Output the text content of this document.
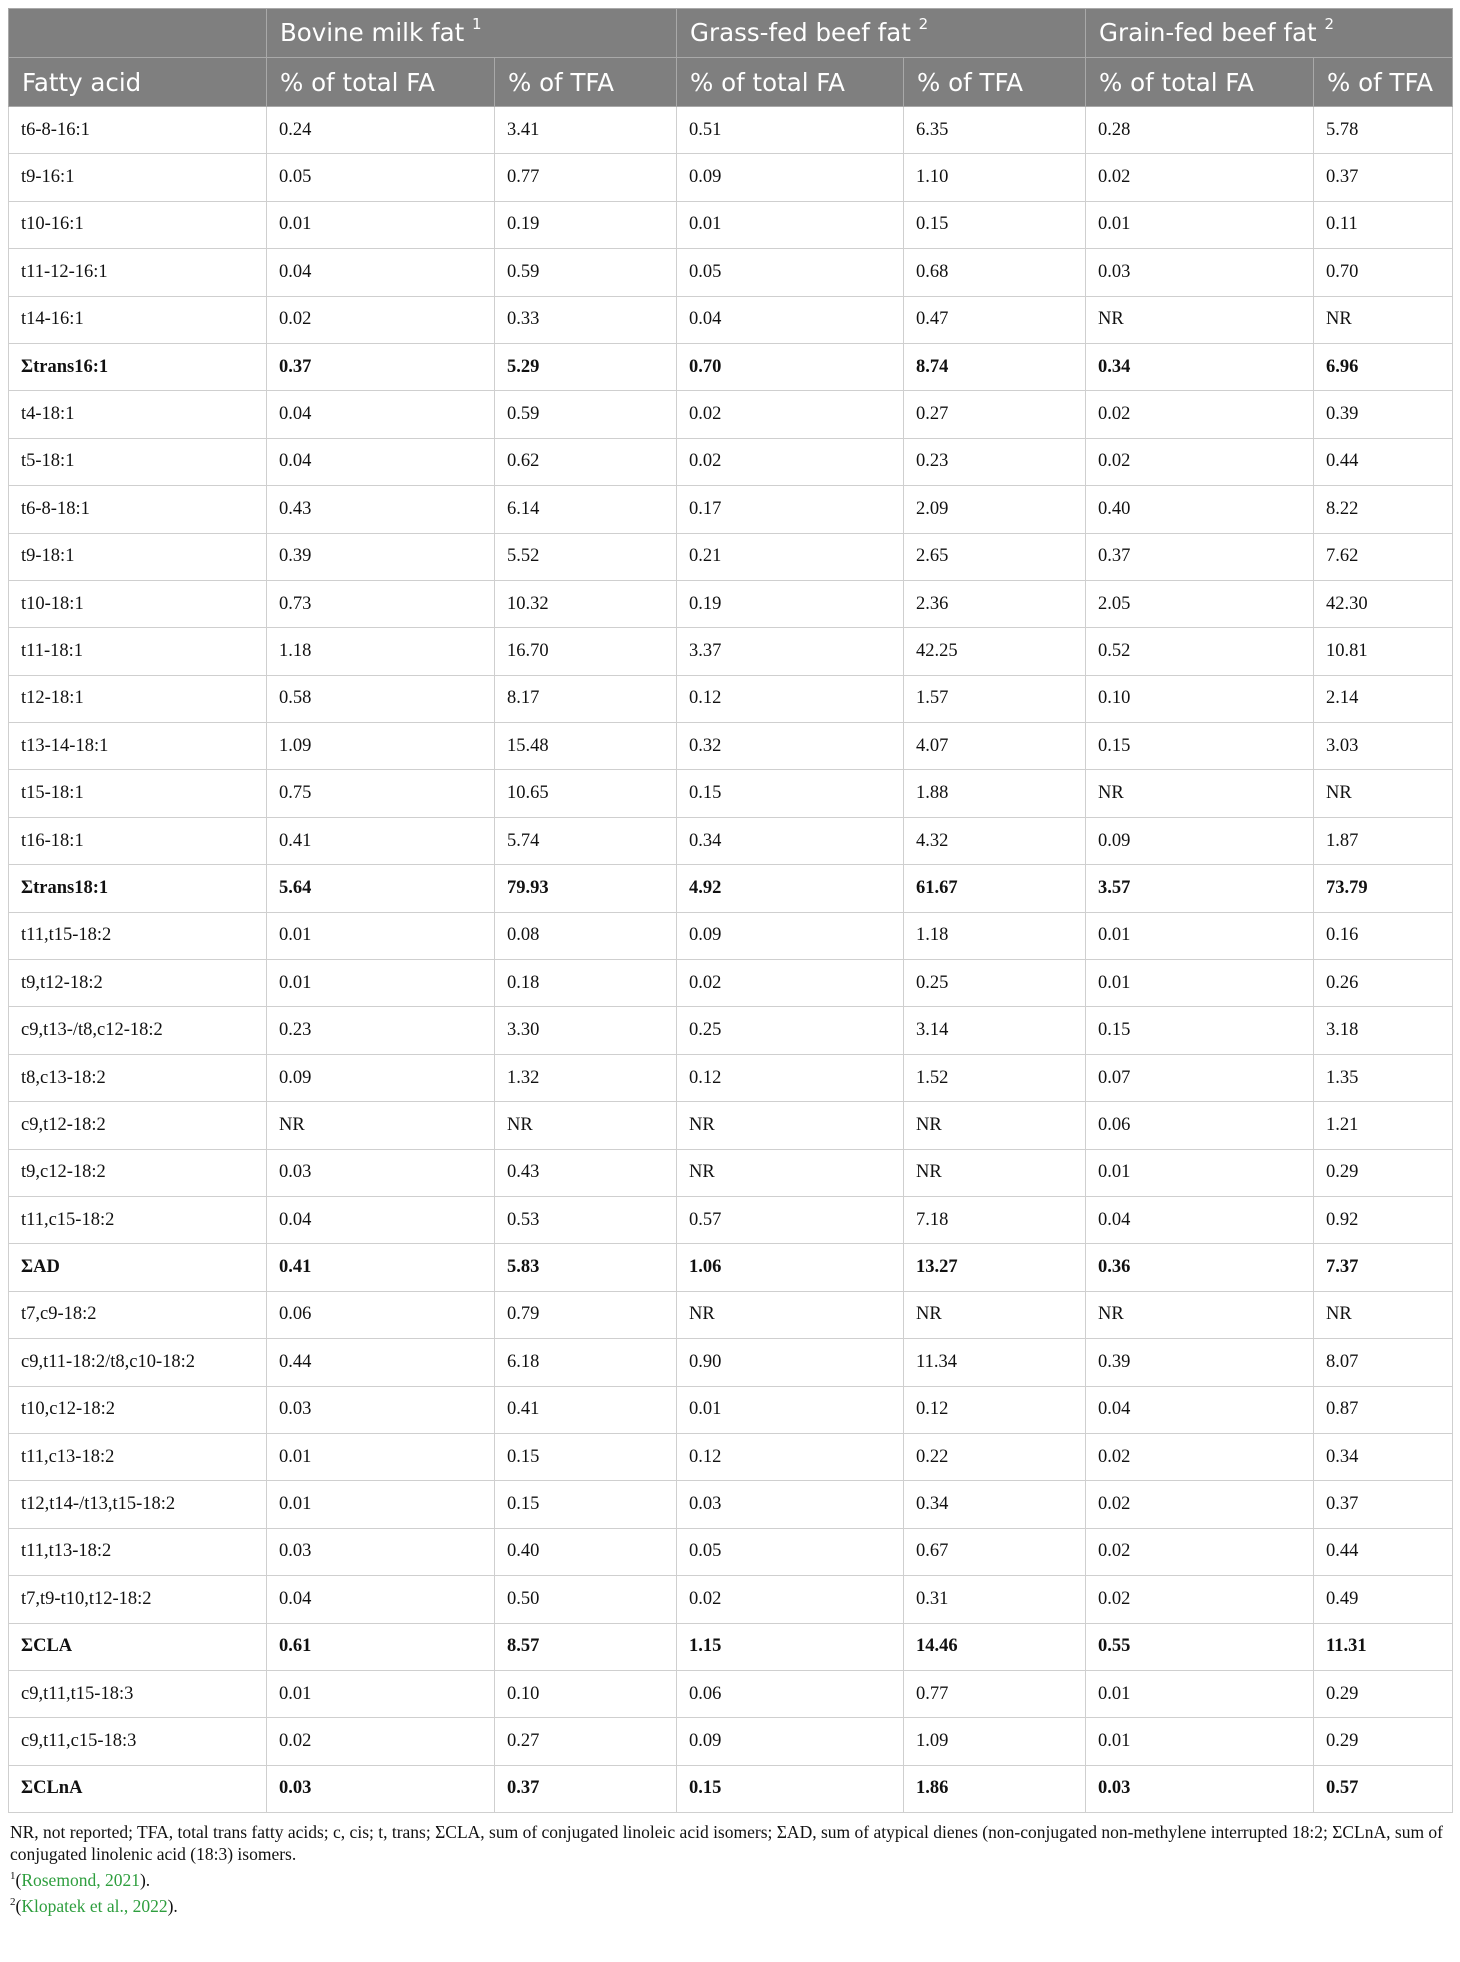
	Bovine milk fat $^1$		Grass-fed beef fat $^2$		Grain-fed beef fat $^2$
Fatty acid	% of total FA	% of TFA	% of total FA	% of TFA	% of total FA	% of TFA
t6-8-16:1	0.24	3.41	0.51	6.35	0.28	5.78
t9-16:1	0.05	0.77	0.09	1.10	0.02	0.37
t10-16:1	0.01	0.19	0.01	0.15	0.01	0.11
t11-12-16:1	0.04	0.59	0.05	0.68	0.03	0.70
t14-16:1	0.02	0.33	0.04	0.47	NR	NR
Σtrans16:1	0.37	5.29	0.70	8.74	0.34	6.96
t4-18:1	0.04	0.59	0.02	0.27	0.02	0.39
t5-18:1	0.04	0.62	0.02	0.23	0.02	0.44
t6-8-18:1	0.43	6.14	0.17	2.09	0.40	8.22
t9-18:1	0.39	5.52	0.21	2.65	0.37	7.62
t10-18:1	0.73	10.32	0.19	2.36	2.05	42.30
t11-18:1	1.18	16.70	3.37	42.25	0.52	10.81
t12-18:1	0.58	8.17	0.12	1.57	0.10	2.14
t13-14-18:1	1.09	15.48	0.32	4.07	0.15	3.03
t15-18:1	0.75	10.65	0.15	1.88	NR	NR
t16-18:1	0.41	5.74	0.34	4.32	0.09	1.87
Σtrans18:1	5.64	79.93	4.92	61.67	3.57	73.79
t11,t15-18:2	0.01	0.08	0.09	1.18	0.01	0.16
t9,t12-18:2	0.01	0.18	0.02	0.25	0.01	0.26
c9,t13-/t8,c12-18:2	0.23	3.30	0.25	3.14	0.15	3.18
t8,c13-18:2	0.09	1.32	0.12	1.52	0.07	1.35
c9,t12-18:2	NR	NR	NR	NR	0.06	1.21
t9,c12-18:2	0.03	0.43	NR	NR	0.01	0.29
t11,c15-18:2	0.04	0.53	0.57	7.18	0.04	0.92
ΣAD	0.41	5.83	1.06	13.27	0.36	7.37
t7,c9-18:2	0.06	0.79	NR	NR	NR	NR
c9,t11-18:2/t8,c10-18:2	0.44	6.18	0.90	11.34	0.39	8.07
t10,c12-18:2	0.03	0.41	0.01	0.12	0.04	0.87
t11,c13-18:2	0.01	0.15	0.12	0.22	0.02	0.34
t12,t14-/t13,t15-18:2	0.01	0.15	0.03	0.34	0.02	0.37
t11,t13-18:2	0.03	0.40	0.05	0.67	0.02	0.44
t7,t9-t10,t12-18:2	0.04	0.50	0.02	0.31	0.02	0.49
ΣCLA	0.61	8.57	1.15	14.46	0.55	11.31
c9,t11,t15-18:3	0.01	0.10	0.06	0.77	0.01	0.29
c9,t11,c15-18:3	0.02	0.27	0.09	1.09	0.01	0.29
ΣCLnA	0.03	0.37	0.15	1.86	0.03	0.57
NR, not reported; TFA, total trans fatty acids; c, cis; t, trans; ΣCLA, sum of conjugated linoleic acid isomers; ΣAD, sum of atypical dienes (non-conjugated non-methylene interrupted 18:2; ΣCLnA, sum of conjugated linolenic acid (18:3) isomers.
$^1$(Rosemond, 2021).
$^2$(Klopatek et al., 2022).
